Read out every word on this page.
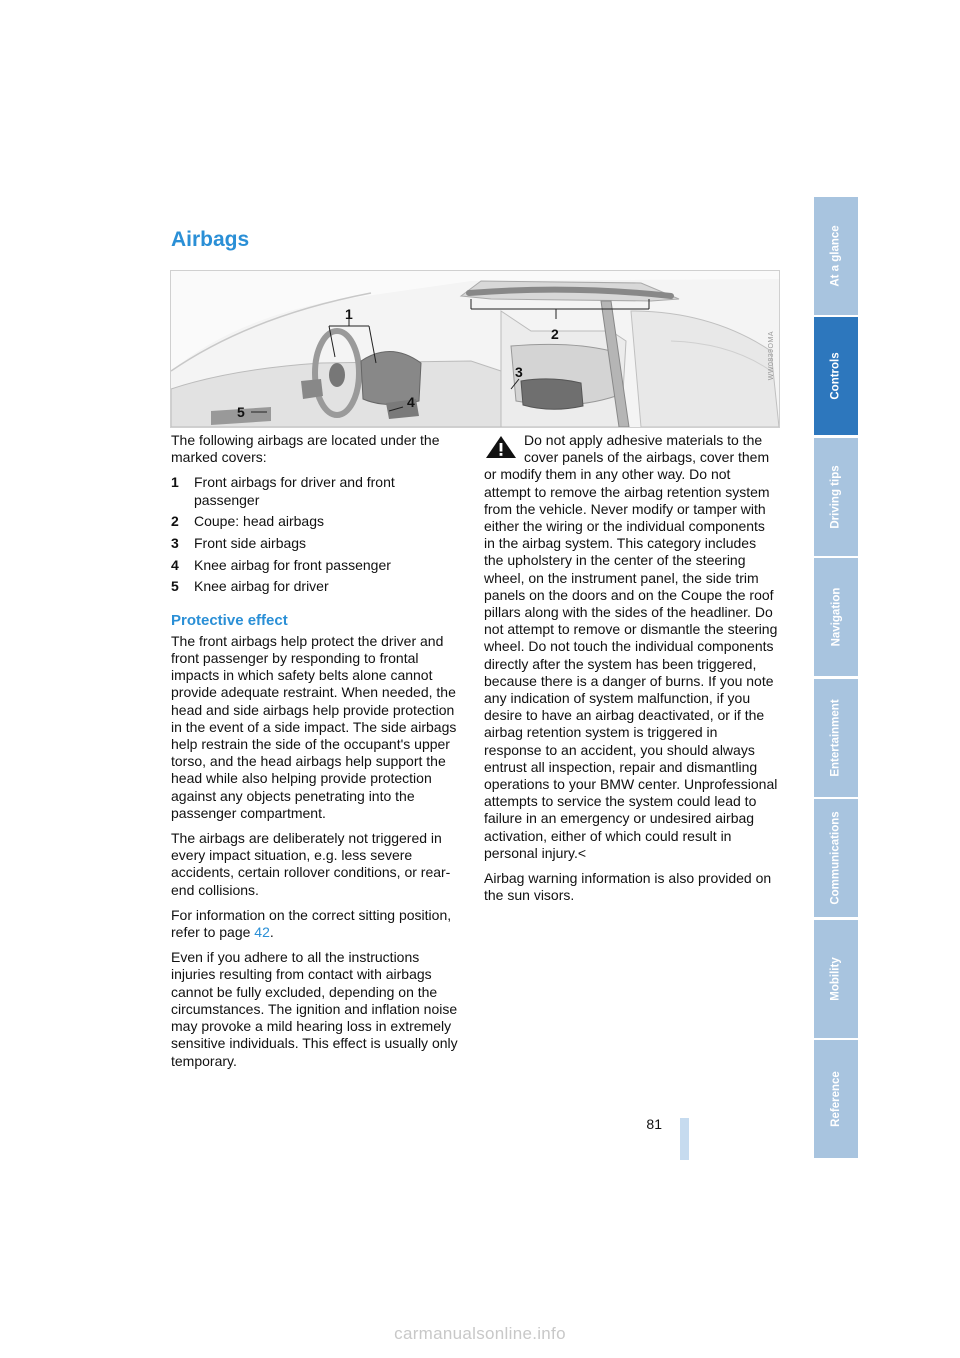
Airbags
1
2
3
4
5
WW0839OMA

The following airbags are located under the marked covers:

1	Front airbags for driver and front passenger
2	Coupe: head airbags
3	Front side airbags
4	Knee airbag for front passenger
5	Knee airbag for driver
Protective effect

The front airbags help protect the driver and front passenger by responding to frontal impacts in which safety belts alone cannot provide adequate restraint. When needed, the head and side airbags help provide protection in the event of a side impact. The side airbags help restrain the side of the occupant's upper torso, and the head airbags help support the head while also helping provide protection against any objects penetrating into the passenger compartment.

The airbags are deliberately not triggered in every impact situation, e.g. less severe accidents, certain rollover conditions, or rear-end collisions.

For information on the correct sitting position, refer to page 42.

Even if you adhere to all the instructions injuries resulting from contact with airbags cannot be fully excluded, depending on the circumstances. The ignition and inflation noise may provoke a mild hearing loss in extremely sensitive individuals. This effect is usually only temporary.

Do not apply adhesive materials to the cover panels of the airbags, cover them or modify them in any other way. Do not attempt to remove the airbag retention system from the vehicle. Never modify or tamper with either the wiring or the individual components in the airbag system. This category includes the upholstery in the center of the steering wheel, on the instrument panel, the side trim panels on the doors and on the Coupe the roof pillars along with the sides of the headliner. Do not attempt to remove or dismantle the steering wheel. Do not touch the individual components directly after the system has been triggered, because there is a danger of burns. If you note any indication of system malfunction, if you desire to have an airbag deactivated, or if the airbag retention system is triggered in response to an accident, you should always entrust all inspection, repair and dismantling operations to your BMW center. Unprofessional attempts to service the system could lead to failure in an emergency or undesired airbag activation, either of which could result in personal injury.<

Airbag warning information is also provided on the sun visors.

At a glance
Controls
Driving tips
Navigation
Entertainment
Communications
Mobility
Reference
81
carmanualsonline.info
